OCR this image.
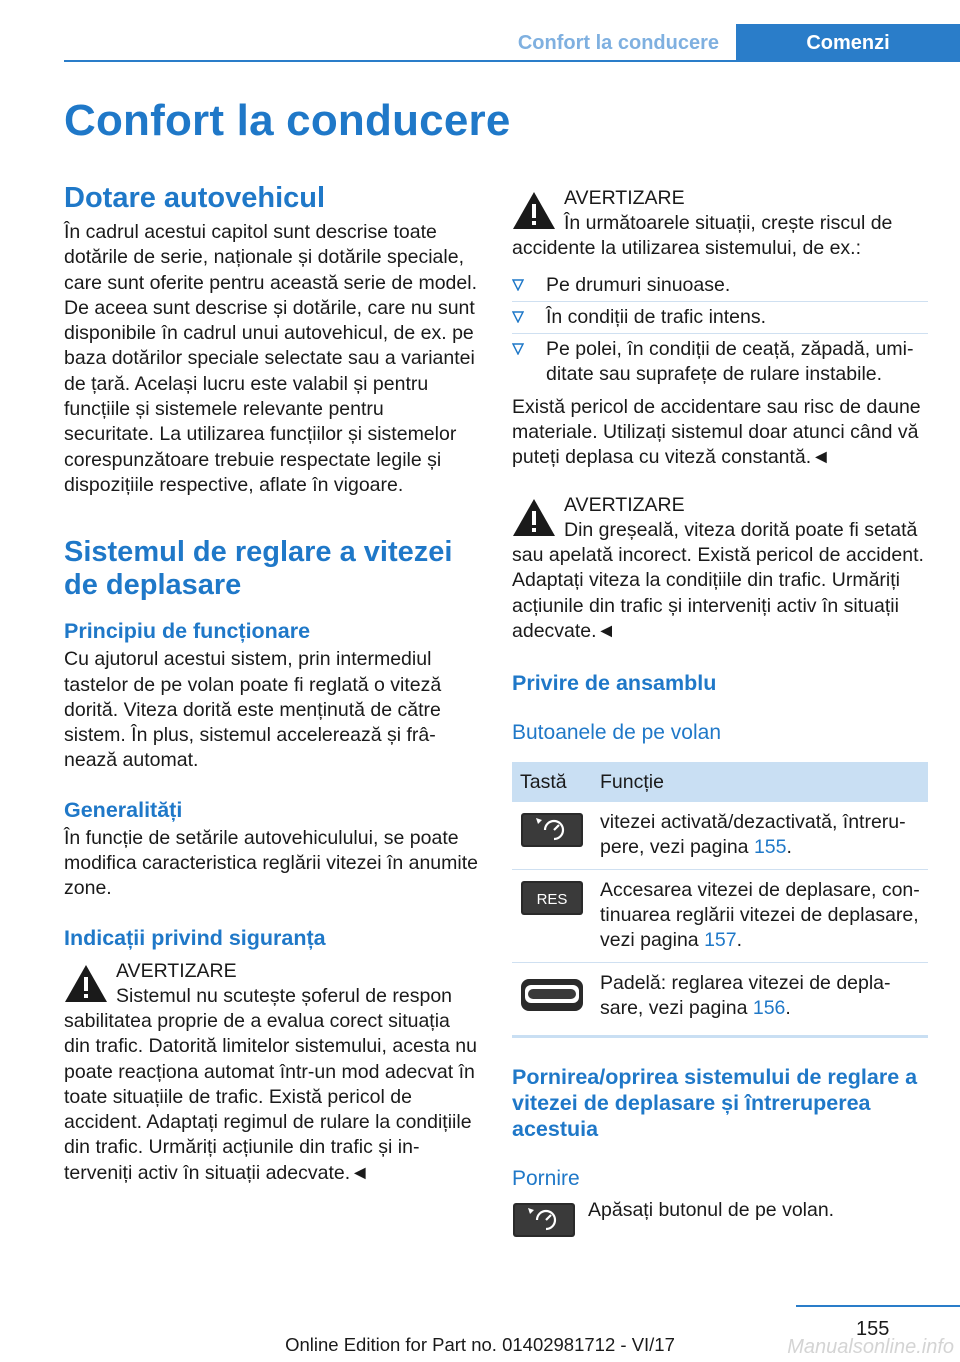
Confort la conducere	Comenzi
Confort la conducere
Dotare autovehicul

În cadrul acestui capitol sunt descrise toate dotările de serie, naționale și dotările speciale, care sunt oferite pentru această serie de model. De aceea sunt descrise și dotările, care nu sunt disponibile în cadrul unui autovehicul, de ex. pe baza dotărilor speciale selectate sau a variantei de țară. Același lucru este valabil și pentru funcțiile și sistemele relevante pentru securitate. La utilizarea funcțiilor și sistemelor corespunzătoare trebuie respectate legile și dispozițiile respective, aflate în vigoare.

Sistemul de reglare a vitezei de deplasare
Principiu de funcționare

Cu ajutorul acestui sistem, prin intermediul tastelor de pe volan poate fi reglată o viteză dorită. Viteza dorită este menținută de către sistem. În plus, sistemul accelerează și frânează automat.

Generalități

În funcție de setările autovehiculului, se poate modifica caracteristica reglării vitezei în anumite zone.

Indicații privind siguranța
AVERTIZARE
Sistemul nu scutește șoferul de respon

sabilitatea proprie de a evalua corect situația din trafic. Datorită limitelor sistemului, acesta nu poate reacționa automat într-un mod adecvat în toate situațiile de trafic. Există pericol de accident. Adaptați regimul de rulare la condițiile din trafic. Urmăriți acțiunile din trafic și interveniți activ în situații adecvate.◄

AVERTIZARE
În următoarele situații, crește riscul de

accidente la utilizarea sistemului, de ex.:

Pe drumuri sinuoase.
În condiții de trafic intens.
Pe polei, în condiții de ceață, zăpadă, umiditate sau suprafețe de rulare instabile.

Există pericol de accidentare sau risc de daune materiale. Utilizați sistemul doar atunci când vă puteți deplasa cu viteză constantă.◄

AVERTIZARE
Din greșeală, viteza dorită poate fi setată

sau apelată incorect. Există pericol de accident. Adaptați viteza la condițiile din trafic. Urmăriți acțiunile din trafic și interveniți activ în situații adecvate.◄

Privire de ansamblu
Butoanele de pe volan
Tastă	Funcție

	vitezei activată/dezactivată, întrerupere, vezi pagina 155.

RES	Accesarea vitezei de deplasare, continuarea reglării vitezei de deplasare, vezi pagina 157.

	Padelă: reglarea vitezei de deplasare, vezi pagina 156.
Pornirea/oprirea sistemului de reglare a vitezei de deplasare și întreruperea acestuia
Pornire

Apăsați butonul de pe volan.

155
Online Edition for Part no. 01402981712 - VI/17	Manualsonline.info
